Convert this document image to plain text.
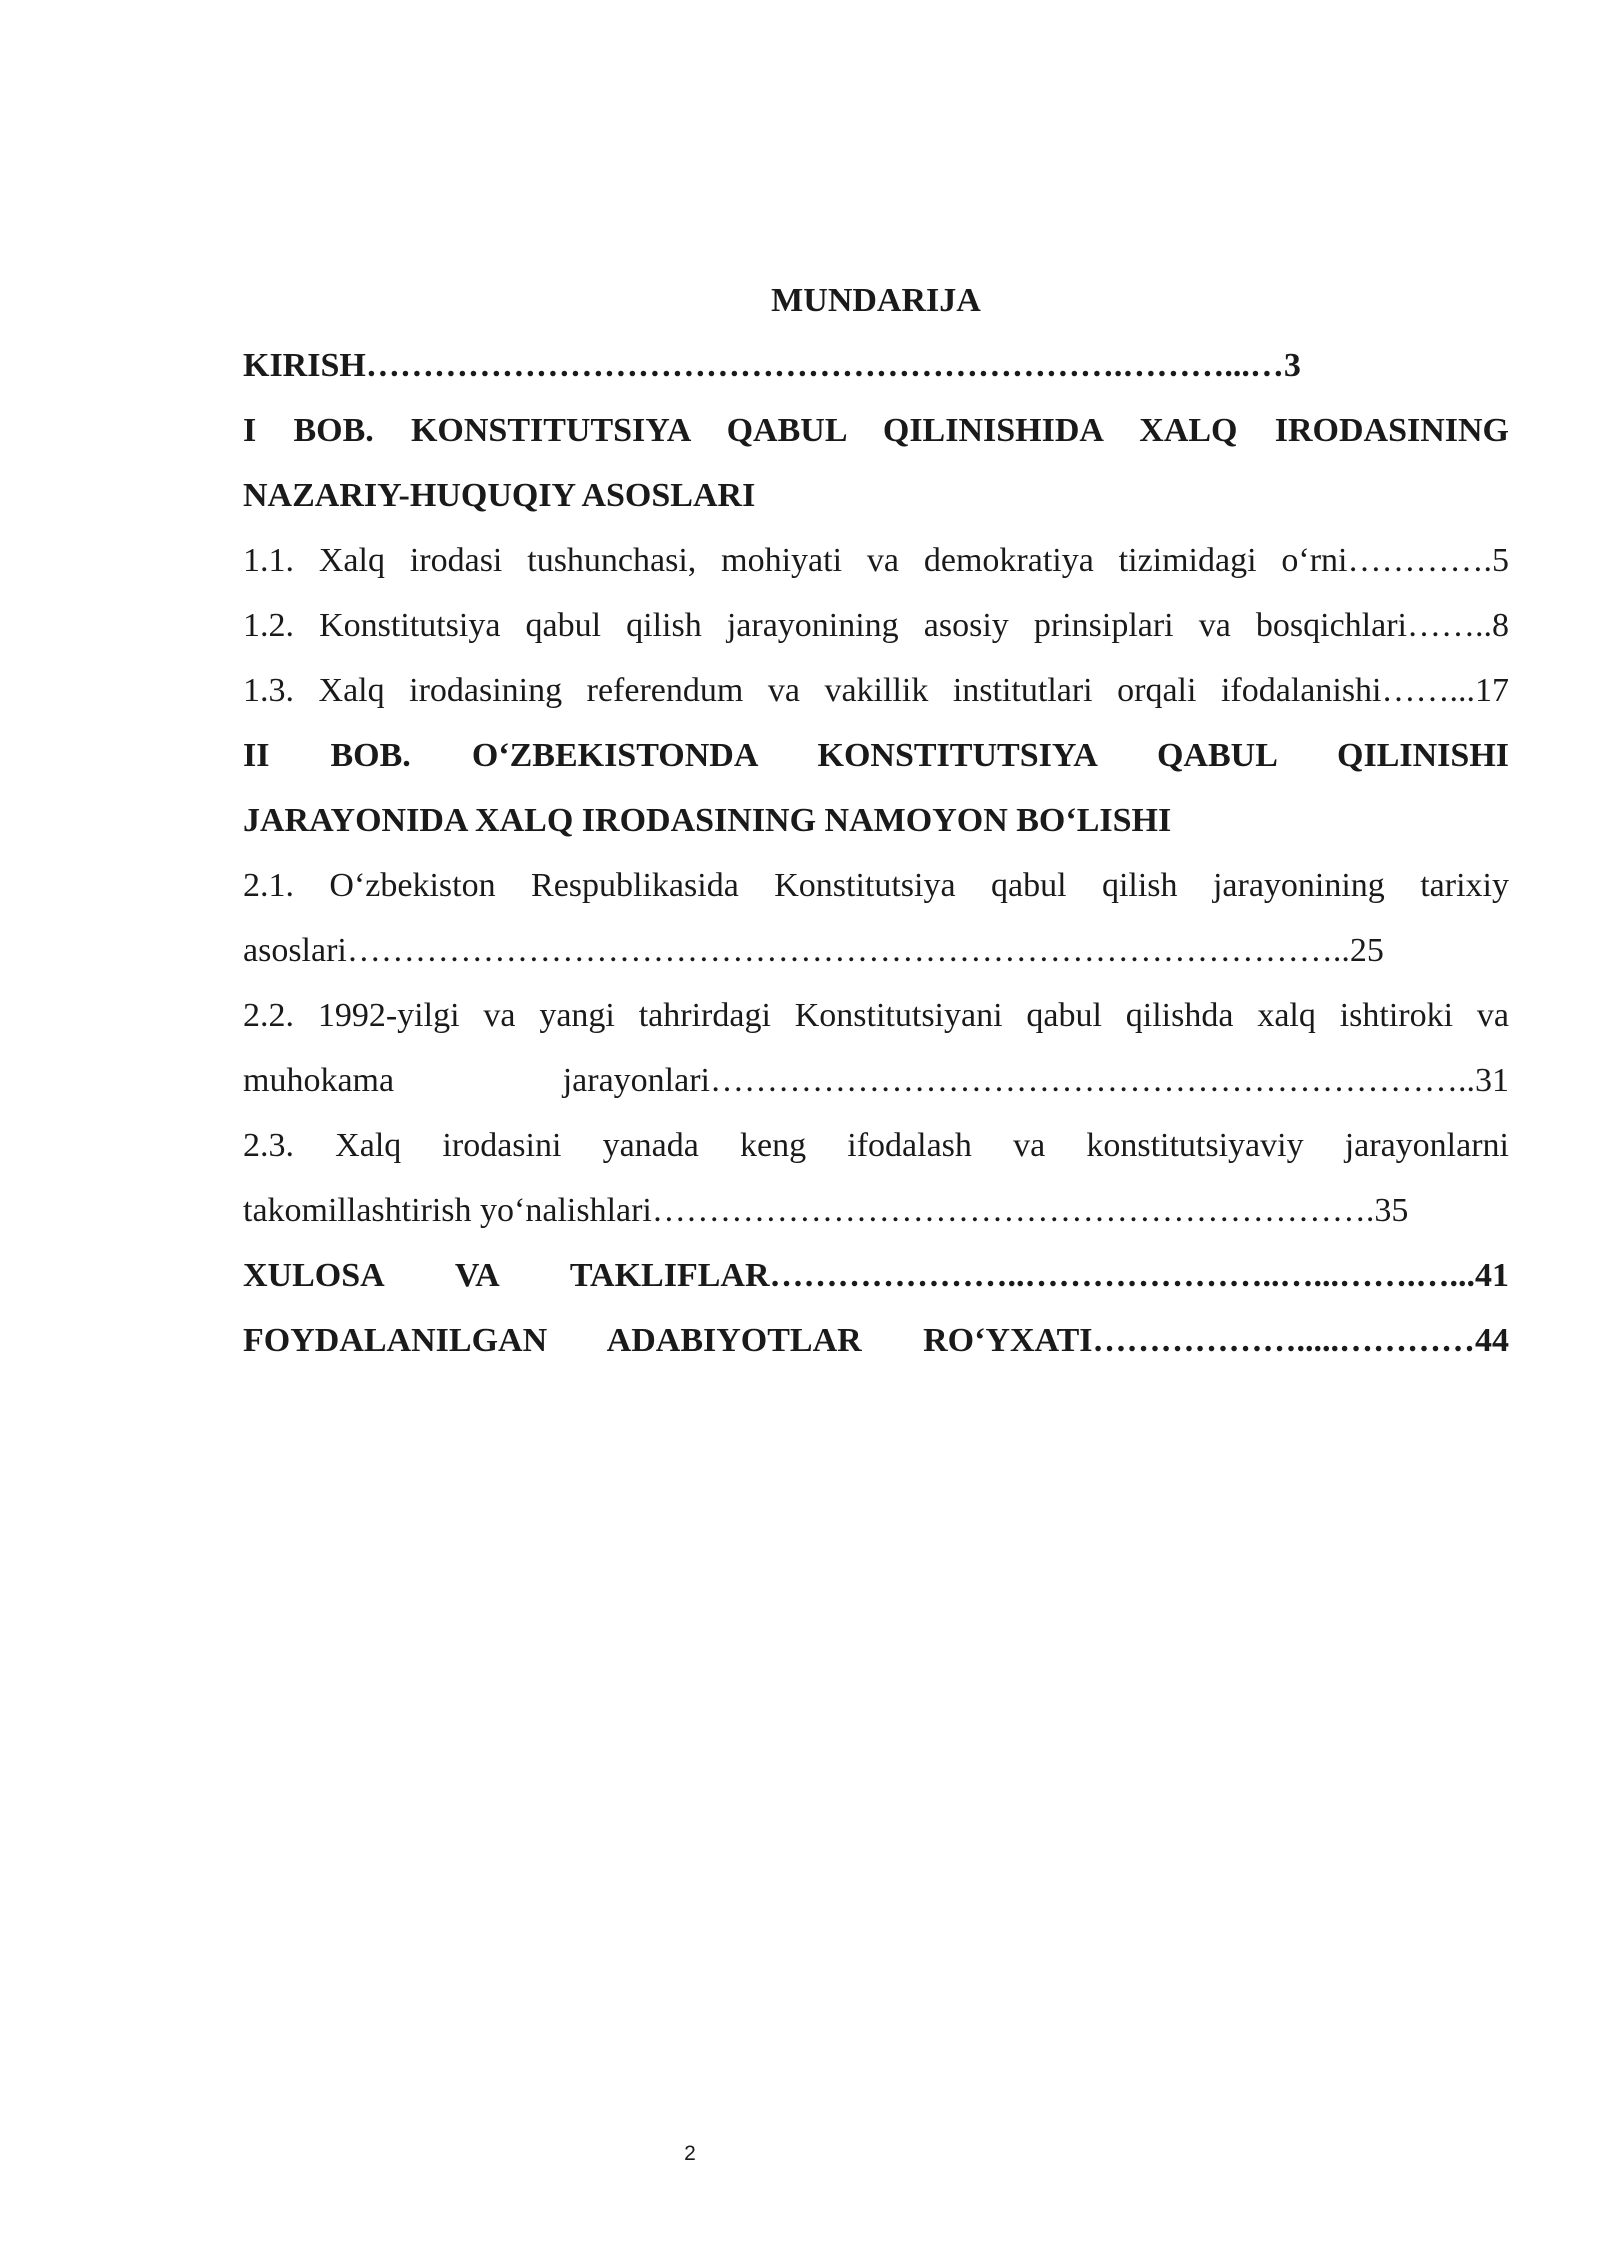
MUNDARIJA
KIRISH………………………………………………………….………...…3
I BOB. KONSTITUTSIYA QABUL QILINISHIDA XALQ IRODASINING
NAZARIY-HUQUQIY ASOSLARI
1.1. Xalq irodasi tushunchasi, mohiyati va demokratiya tizimidagi o‘rni………….5
1.2. Konstitutsiya qabul qilish jarayonining asosiy prinsiplari va bosqichlari……..8
1.3. Xalq irodasining referendum va vakillik institutlari orqali ifodalanishi……...17
II BOB. O‘ZBEKISTONDA KONSTITUTSIYA QABUL QILINISHI
JARAYONIDA XALQ IRODASINING NAMOYON BO‘LISHI
2.1. O‘zbekiston Respublikasida Konstitutsiya qabul qilish jarayonining tarixiy
asoslari……………………………………………………………………………..25
2.2. 1992-yilgi va yangi tahrirdagi Konstitutsiyani qabul qilishda xalq ishtiroki va
muhokama jarayonlari…………………………………………………………..31
2.3. Xalq irodasini yanada keng ifodalash va konstitutsiyaviy jarayonlarni
takomillashtirish yo‘nalishlari……………………………………………………….35
XULOSA VA TAKLIFLAR…………………..…………………..…...…….…...41
FOYDALANILGAN ADABIYOTLAR RO‘YXATI……………….....…………44
2
